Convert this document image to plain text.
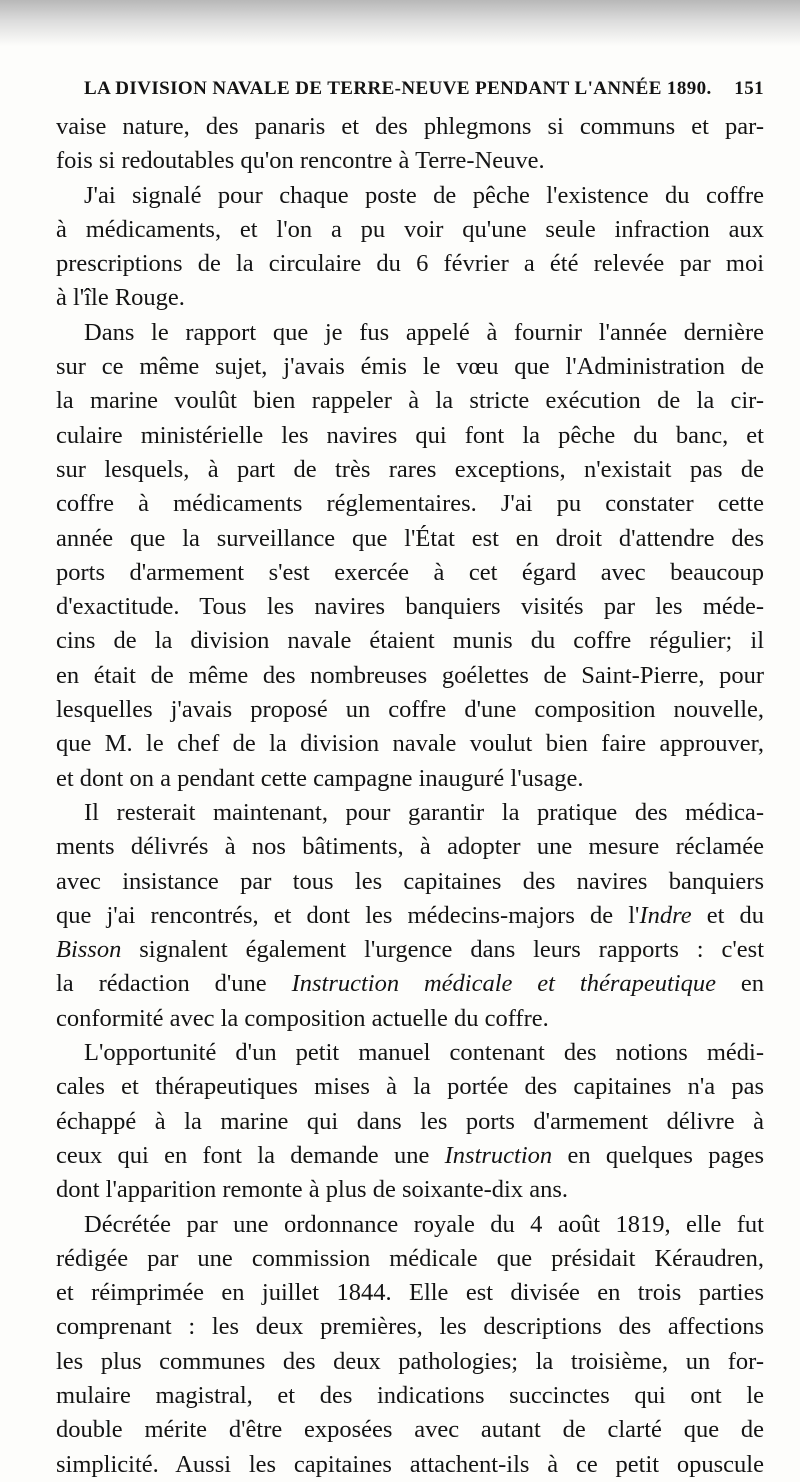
LA DIVISION NAVALE DE TERRE-NEUVE PENDANT L'ANNÉE 1890. 151

vaise nature, des panaris et des phlegmons si communs et par-
fois si redoutables qu'on rencontre à Terre-Neuve.

J'ai signalé pour chaque poste de pêche l'existence du coffre
à médicaments, et l'on a pu voir qu'une seule infraction aux
prescriptions de la circulaire du 6 février a été relevée par moi
à l'île Rouge.

Dans le rapport que je fus appelé à fournir l'année dernière
sur ce même sujet, j'avais émis le vœu que l'Administration de
la marine voulût bien rappeler à la stricte exécution de la cir-
culaire ministérielle les navires qui font la pêche du banc, et
sur lesquels, à part de très rares exceptions, n'existait pas de
coffre à médicaments réglementaires. J'ai pu constater cette
année que la surveillance que l'État est en droit d'attendre des
ports d'armement s'est exercée à cet égard avec beaucoup
d'exactitude. Tous les navires banquiers visités par les méde-
cins de la division navale étaient munis du coffre régulier; il
en était de même des nombreuses goélettes de Saint-Pierre, pour
lesquelles j'avais proposé un coffre d'une composition nouvelle,
que M. le chef de la division navale voulut bien faire approuver,
et dont on a pendant cette campagne inauguré l'usage.

Il resterait maintenant, pour garantir la pratique des médica-
ments délivrés à nos bâtiments, à adopter une mesure réclamée
avec insistance par tous les capitaines des navires banquiers
que j'ai rencontrés, et dont les médecins-majors de l'Indre et du
Bisson signalent également l'urgence dans leurs rapports : c'est
la rédaction d'une Instruction médicale et thérapeutique en
conformité avec la composition actuelle du coffre.

L'opportunité d'un petit manuel contenant des notions médi-
cales et thérapeutiques mises à la portée des capitaines n'a pas
échappé à la marine qui dans les ports d'armement délivre à
ceux qui en font la demande une Instruction en quelques pages
dont l'apparition remonte à plus de soixante-dix ans.

Décrétée par une ordonnance royale du 4 août 1819, elle fut
rédigée par une commission médicale que présidait Kéraudren,
et réimprimée en juillet 1844. Elle est divisée en trois parties
comprenant : les deux premières, les descriptions des affections
les plus communes des deux pathologies; la troisième, un for-
mulaire magistral, et des indications succinctes qui ont le
double mérite d'être exposées avec autant de clarté que de
simplicité. Aussi les capitaines attachent-ils à ce petit opuscule
